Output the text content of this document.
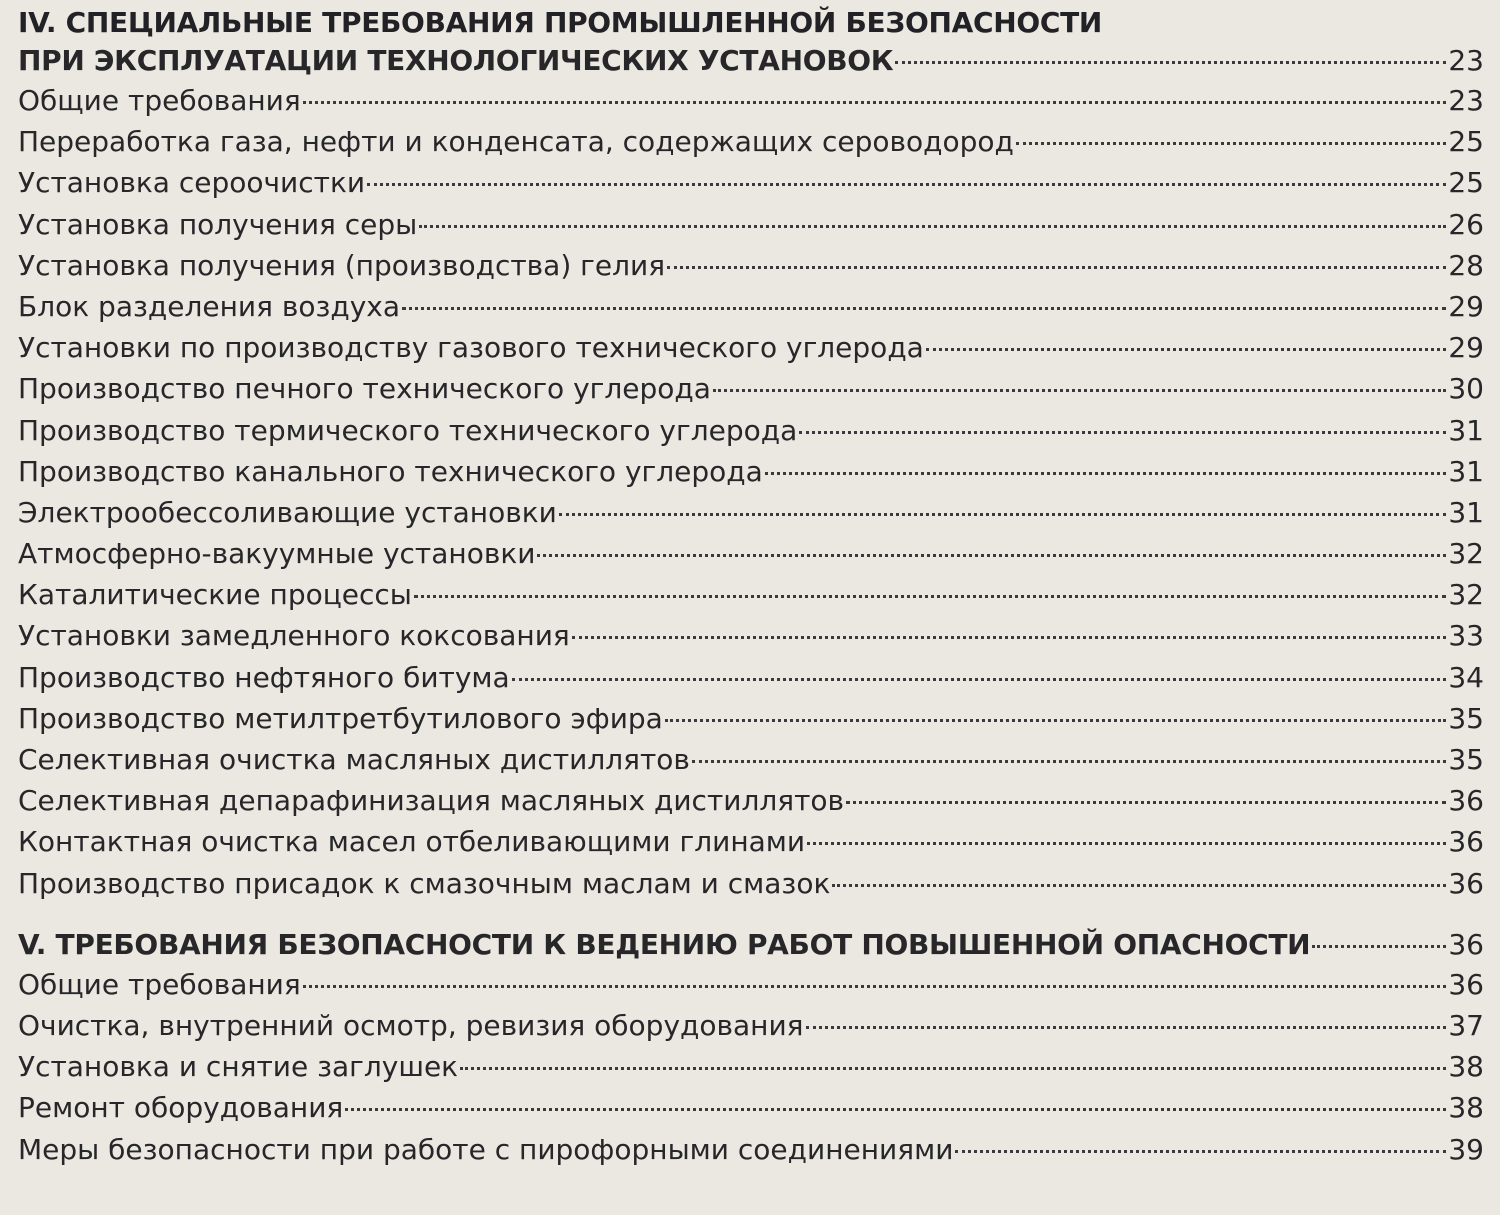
IV. СПЕЦИАЛЬНЫЕ ТРЕБОВАНИЯ ПРОМЫШЛЕННОЙ БЕЗОПАСНОСТИ
ПРИ ЭКСПЛУАТАЦИИ ТЕХНОЛОГИЧЕСКИХ УСТАНОВОК	23
Общие требования	23
Переработка газа, нефти и конденсата, содержащих сероводород	25
Установка сероочистки	25
Установка получения серы	26
Установка получения (производства) гелия	28
Блок разделения воздуха	29
Установки по производству газового технического углерода	29
Производство печного технического углерода	30
Производство термического технического углерода	31
Производство канального технического углерода	31
Электрообессоливающие установки	31
Атмосферно-вакуумные установки	32
Каталитические процессы	32
Установки замедленного коксования	33
Производство нефтяного битума	34
Производство метилтретбутилового эфира	35
Селективная очистка масляных дистиллятов	35
Селективная депарафинизация масляных дистиллятов	36
Контактная очистка масел отбеливающими глинами	36
Производство присадок к смазочным маслам и смазок	36
V. ТРЕБОВАНИЯ БЕЗОПАСНОСТИ К ВЕДЕНИЮ РАБОТ ПОВЫШЕННОЙ ОПАСНОСТИ	36
Общие требования	36
Очистка, внутренний осмотр, ревизия оборудования	37
Установка и снятие заглушек	38
Ремонт оборудования	38
Меры безопасности при работе с пирофорными соединениями	39
